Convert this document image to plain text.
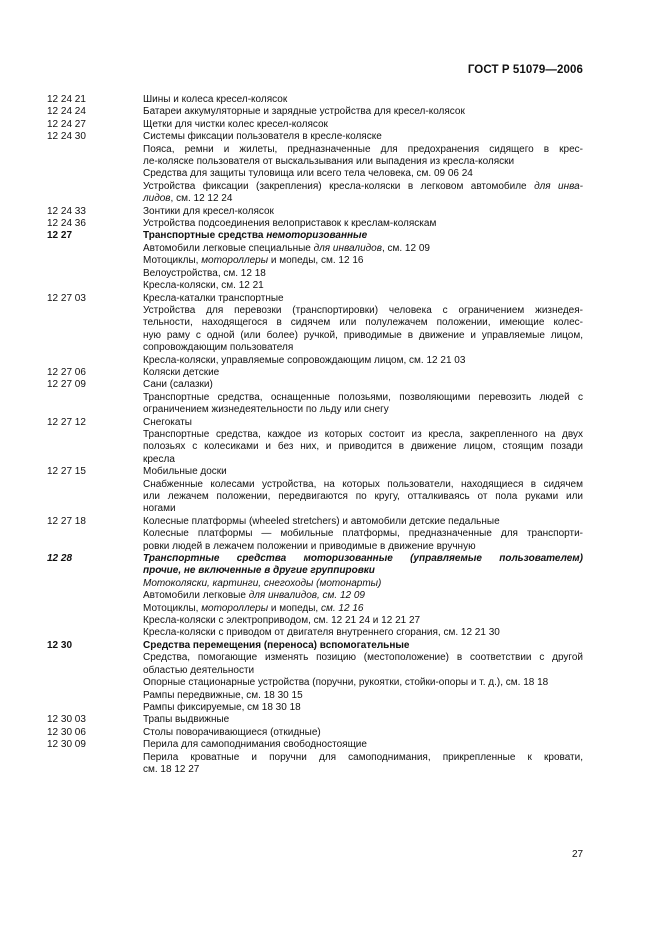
ГОСТ Р 51079—2006
12 24 21	Шины и колеса кресел-колясок
12 24 24	Батареи аккумуляторные и зарядные устройства для кресел-колясок
12 24 27	Щетки для чистки колес кресел-колясок
12 24 30	Системы фиксации пользователя в кресле-коляске
Пояса, ремни и жилеты, предназначенные для предохранения сидящего в крес-
ле-коляске пользователя от выскальзывания или выпадения из кресла-коляски
Средства для защиты туловища или всего тела человека, см. 09 06 24
Устройства фиксации (закрепления) кресла-коляски в легковом автомобиле для инва-
лидов, см. 12 12 24
12 24 33	Зонтики для кресел-колясок
12 24 36	Устройства подсоединения велоприставок к креслам-коляскам
12 27	Транспортные средства немоторизованные
Автомобили легковые специальные для инвалидов, см. 12 09
Мотоциклы, мотороллеры и мопеды, см. 12 16
Велоустройства, см. 12 18
Кресла-коляски, см. 12 21
12 27 03	Кресла-каталки транспортные
Устройства для перевозки (транспортировки) человека с ограничением жизнедея-
тельности, находящегося в сидячем или полулежачем положении, имеющие колес-
ную раму с одной (или более) ручкой, приводимые в движение и управляемые лицом,
сопровождающим пользователя
Кресла-коляски, управляемые сопровождающим лицом, см. 12 21 03
12 27 06	Коляски детские
12 27 09	Сани (салазки)
Транспортные средства, оснащенные полозьями, позволяющими перевозить людей с
ограничением жизнедеятельности по льду или снегу
12 27 12	Снегокаты
Транспортные средства, каждое из которых состоит из кресла, закрепленного на двух
полозьях с колесиками и без них, и приводится в движение лицом, стоящим позади
кресла
12 27 15	Мобильные доски
Снабженные колесами устройства, на которых пользователи, находящиеся в сидячем
или лежачем положении, передвигаются по кругу, отталкиваясь от пола руками или
ногами
12 27 18	Колесные платформы (wheeled stretchers) и автомобили детские педальные
Колесные платформы — мобильные платформы, предназначенные для транспорти-
ровки людей в лежачем положении и приводимые в движение вручную
12 28	Транспортные средства моторизованные (управляемые пользователем)
прочие, не включенные в другие группировки
Мотоколяски, картинги, снегоходы (мотонарты)
Автомобили легковые для инвалидов, см. 12 09
Мотоциклы, мотороллеры и мопеды, см. 12 16
Кресла-коляски с электроприводом, см. 12 21 24 и 12 21 27
Кресла-коляски с приводом от двигателя внутреннего сгорания, см. 12 21 30
12 30	Средства перемещения (переноса) вспомогательные
Средства, помогающие изменять позицию (местоположение) в соответствии с другой
областью деятельности
Опорные стационарные устройства (поручни, рукоятки, стойки-опоры и т. д.), см. 18 18
Рампы передвижные, см. 18 30 15
Рампы фиксируемые, см 18 30 18
12 30 03	Трапы выдвижные
12 30 06	Столы поворачивающиеся (откидные)
12 30 09	Перила для самоподнимания свободностоящие
Перила кроватные и поручни для самоподнимания, прикрепленные к кровати,
см. 18 12 27
27
